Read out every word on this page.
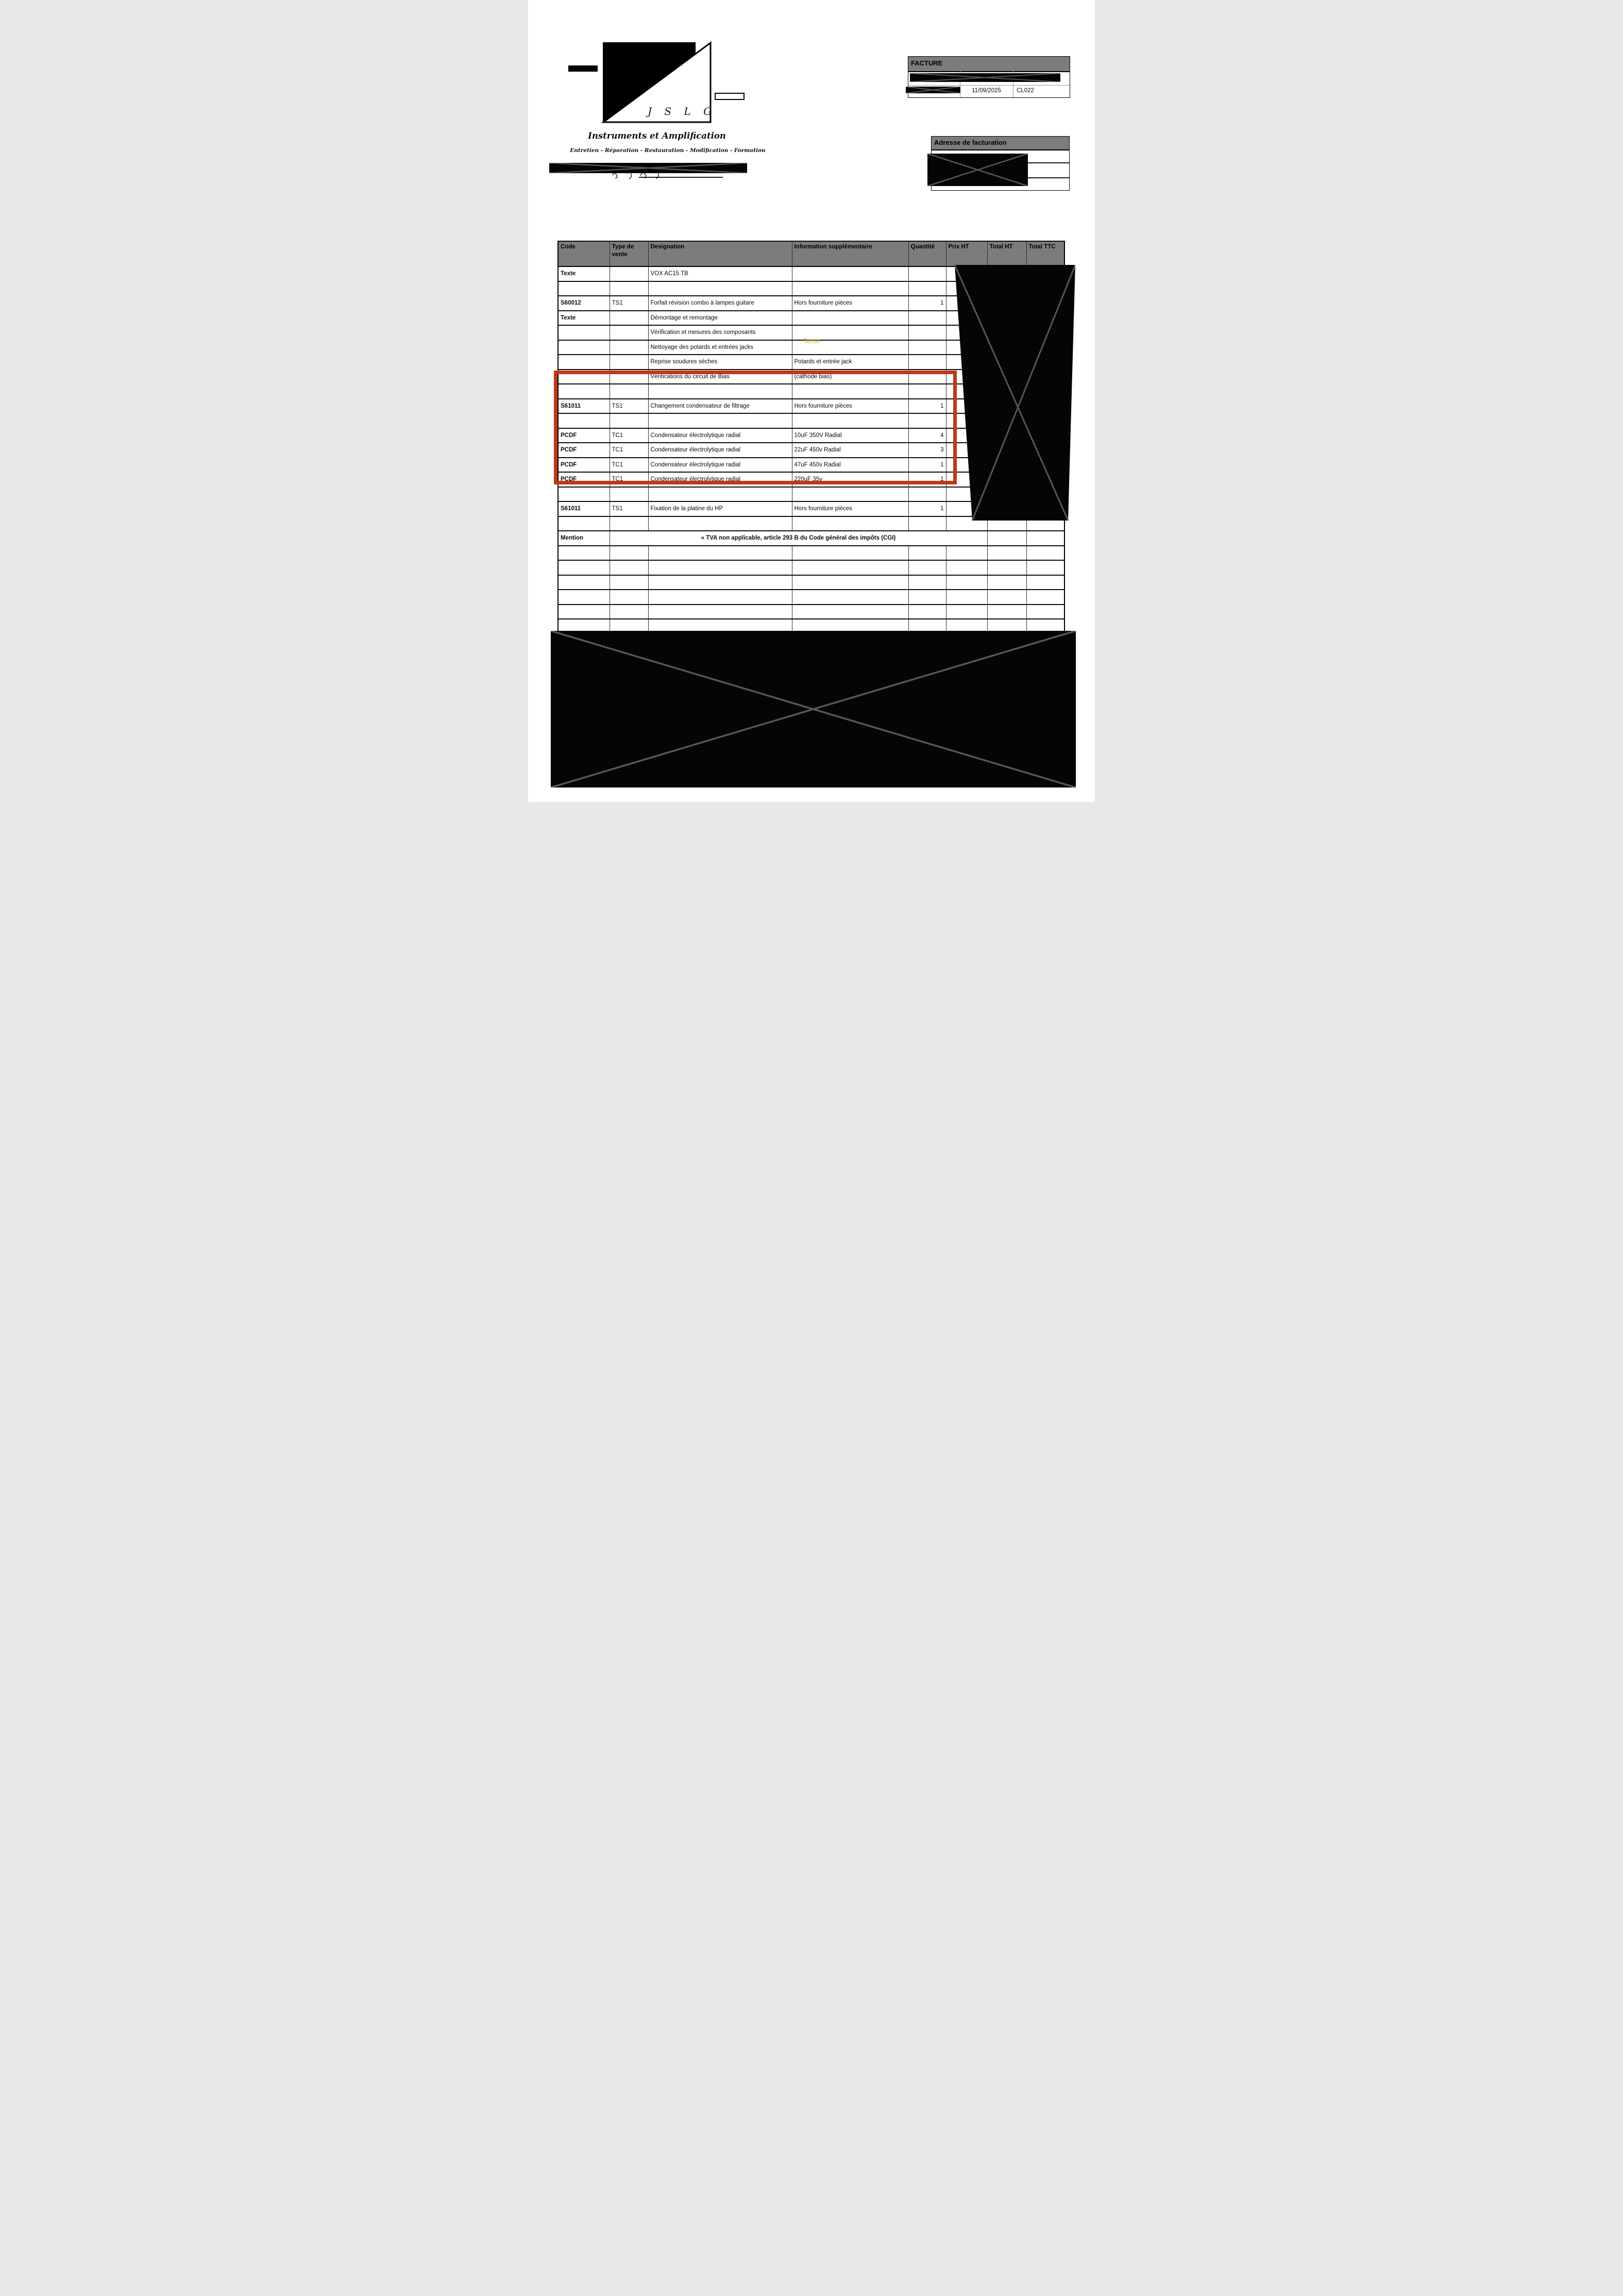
J S L G
Instruments et Amplification
Entretien - Réparation - Restauration - Modification - Formation
FACTURE
11/09/2025	CL022
Adresse de facturation
Code	Type de vente	Designation	Information supplémentaire	Quantité	Prix HT	Total HT	Total TTC
Texte		VOX AC15 TB					

S60012	TS1	Forfait révision combo à lampes guitare	Hors fourniture pièces	1			
Texte		Démontage et remontage					
		Vérification et mesures des composants					
		Nettoyage des potards et entrées jacks					
		Reprise soudures sèches	Potards et entrée jack				
		Vérifications du circuit de Bias	(cathode bias)				

S61011	TS1	Changement condensateur de filtrage	Hors fourniture pièces	1			

PCDF	TC1	Condensateur électrolytique radial	10uF 350V Radial	4			
PCDF	TC1	Condensateur électrolytique radial	22uF 450v Radial	3			
PCDF	TC1	Condensateur électrolytique radial	47uF 450v Radial	1			
PCDF	TC1	Condensateur électrolytique radial	220uF 35v	1			

S61011	TS1	Fixation de la platine du HP	Hors fourniture pièces	1			

Mention	« TVA non applicable, article 293 B du Code général des impôts (CGI)						

Texte
